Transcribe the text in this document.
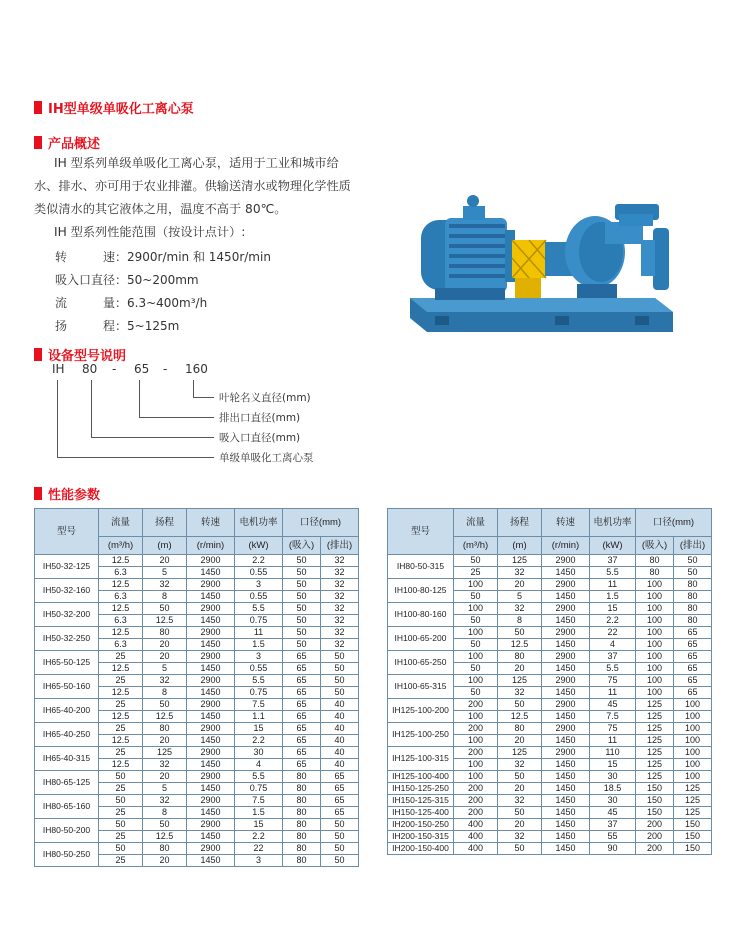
IH型单级单吸化工离心泵
产品概述
IH 型系列单级单吸化工离心泵，适用于工业和城市给
水、排水、亦可用于农业排灌。供输送清水或物理化学性质
类似清水的其它液体之用，温度不高于 80℃。
IH 型系列性能范围（按设计点计）:
转　　速：2900r/min 和 1450r/min
吸入口直径：50~200mm
流　　量：6.3~400m³/h
扬　　程：5~125m
设备型号说明
IH 80 - 65 - 160
叶轮名义直径(mm)
排出口直径(mm)
吸入口直径(mm)
单级单吸化工离心泵
性能参数
型号	流量	扬程	转速	电机功率	口径(mm)	
	(m³/h)	(m)	(r/min)	(kW)	(吸入)	(排出)
IH50-32-125	12.5	20	2900	2.2	50	32
	6.3	5	1450	0.55	50	32
IH50-32-160	12.5	32	2900	3	50	32
	6.3	8	1450	0.55	50	32
IH50-32-200	12.5	50	2900	5.5	50	32
	6.3	12.5	1450	0.75	50	32
IH50-32-250	12.5	80	2900	11	50	32
	6.3	20	1450	1.5	50	32
IH65-50-125	25	20	2900	3	65	50
	12.5	5	1450	0.55	65	50
IH65-50-160	25	32	2900	5.5	65	50
	12.5	8	1450	0.75	65	50
IH65-40-200	25	50	2900	7.5	65	40
	12.5	12.5	1450	1.1	65	40
IH65-40-250	25	80	2900	15	65	40
	12.5	20	1450	2.2	65	40
IH65-40-315	25	125	2900	30	65	40
	12.5	32	1450	4	65	40
IH80-65-125	50	20	2900	5.5	80	65
	25	5	1450	0.75	80	65
IH80-65-160	50	32	2900	7.5	80	65
	25	8	1450	1.5	80	65
IH80-50-200	50	50	2900	15	80	50
	25	12.5	1450	2.2	80	50
IH80-50-250	50	80	2900	22	80	50
	25	20	1450	3	80	50
型号	流量	扬程	转速	电机功率	口径(mm)	
	(m³/h)	(m)	(r/min)	(kW)	(吸入)	(排出)
IH80-50-315	50	125	2900	37	80	50
	25	32	1450	5.5	80	50
IH100-80-125	100	20	2900	11	100	80
	50	5	1450	1.5	100	80
IH100-80-160	100	32	2900	15	100	80
	50	8	1450	2.2	100	80
IH100-65-200	100	50	2900	22	100	65
	50	12.5	1450	4	100	65
IH100-65-250	100	80	2900	37	100	65
	50	20	1450	5.5	100	65
IH100-65-315	100	125	2900	75	100	65
	50	32	1450	11	100	65
IH125-100-200	200	50	2900	45	125	100
	100	12.5	1450	7.5	125	100
IH125-100-250	200	80	2900	75	125	100
	100	20	1450	11	125	100
IH125-100-315	200	125	2900	110	125	100
	100	32	1450	15	125	100
IH125-100-400	100	50	1450	30	125	100
IH150-125-250	200	20	1450	18.5	150	125
IH150-125-315	200	32	1450	30	150	125
IH150-125-400	200	50	1450	45	150	125
IH200-150-250	400	20	1450	37	200	150
IH200-150-315	400	32	1450	55	200	150
IH200-150-400	400	50	1450	90	200	150
